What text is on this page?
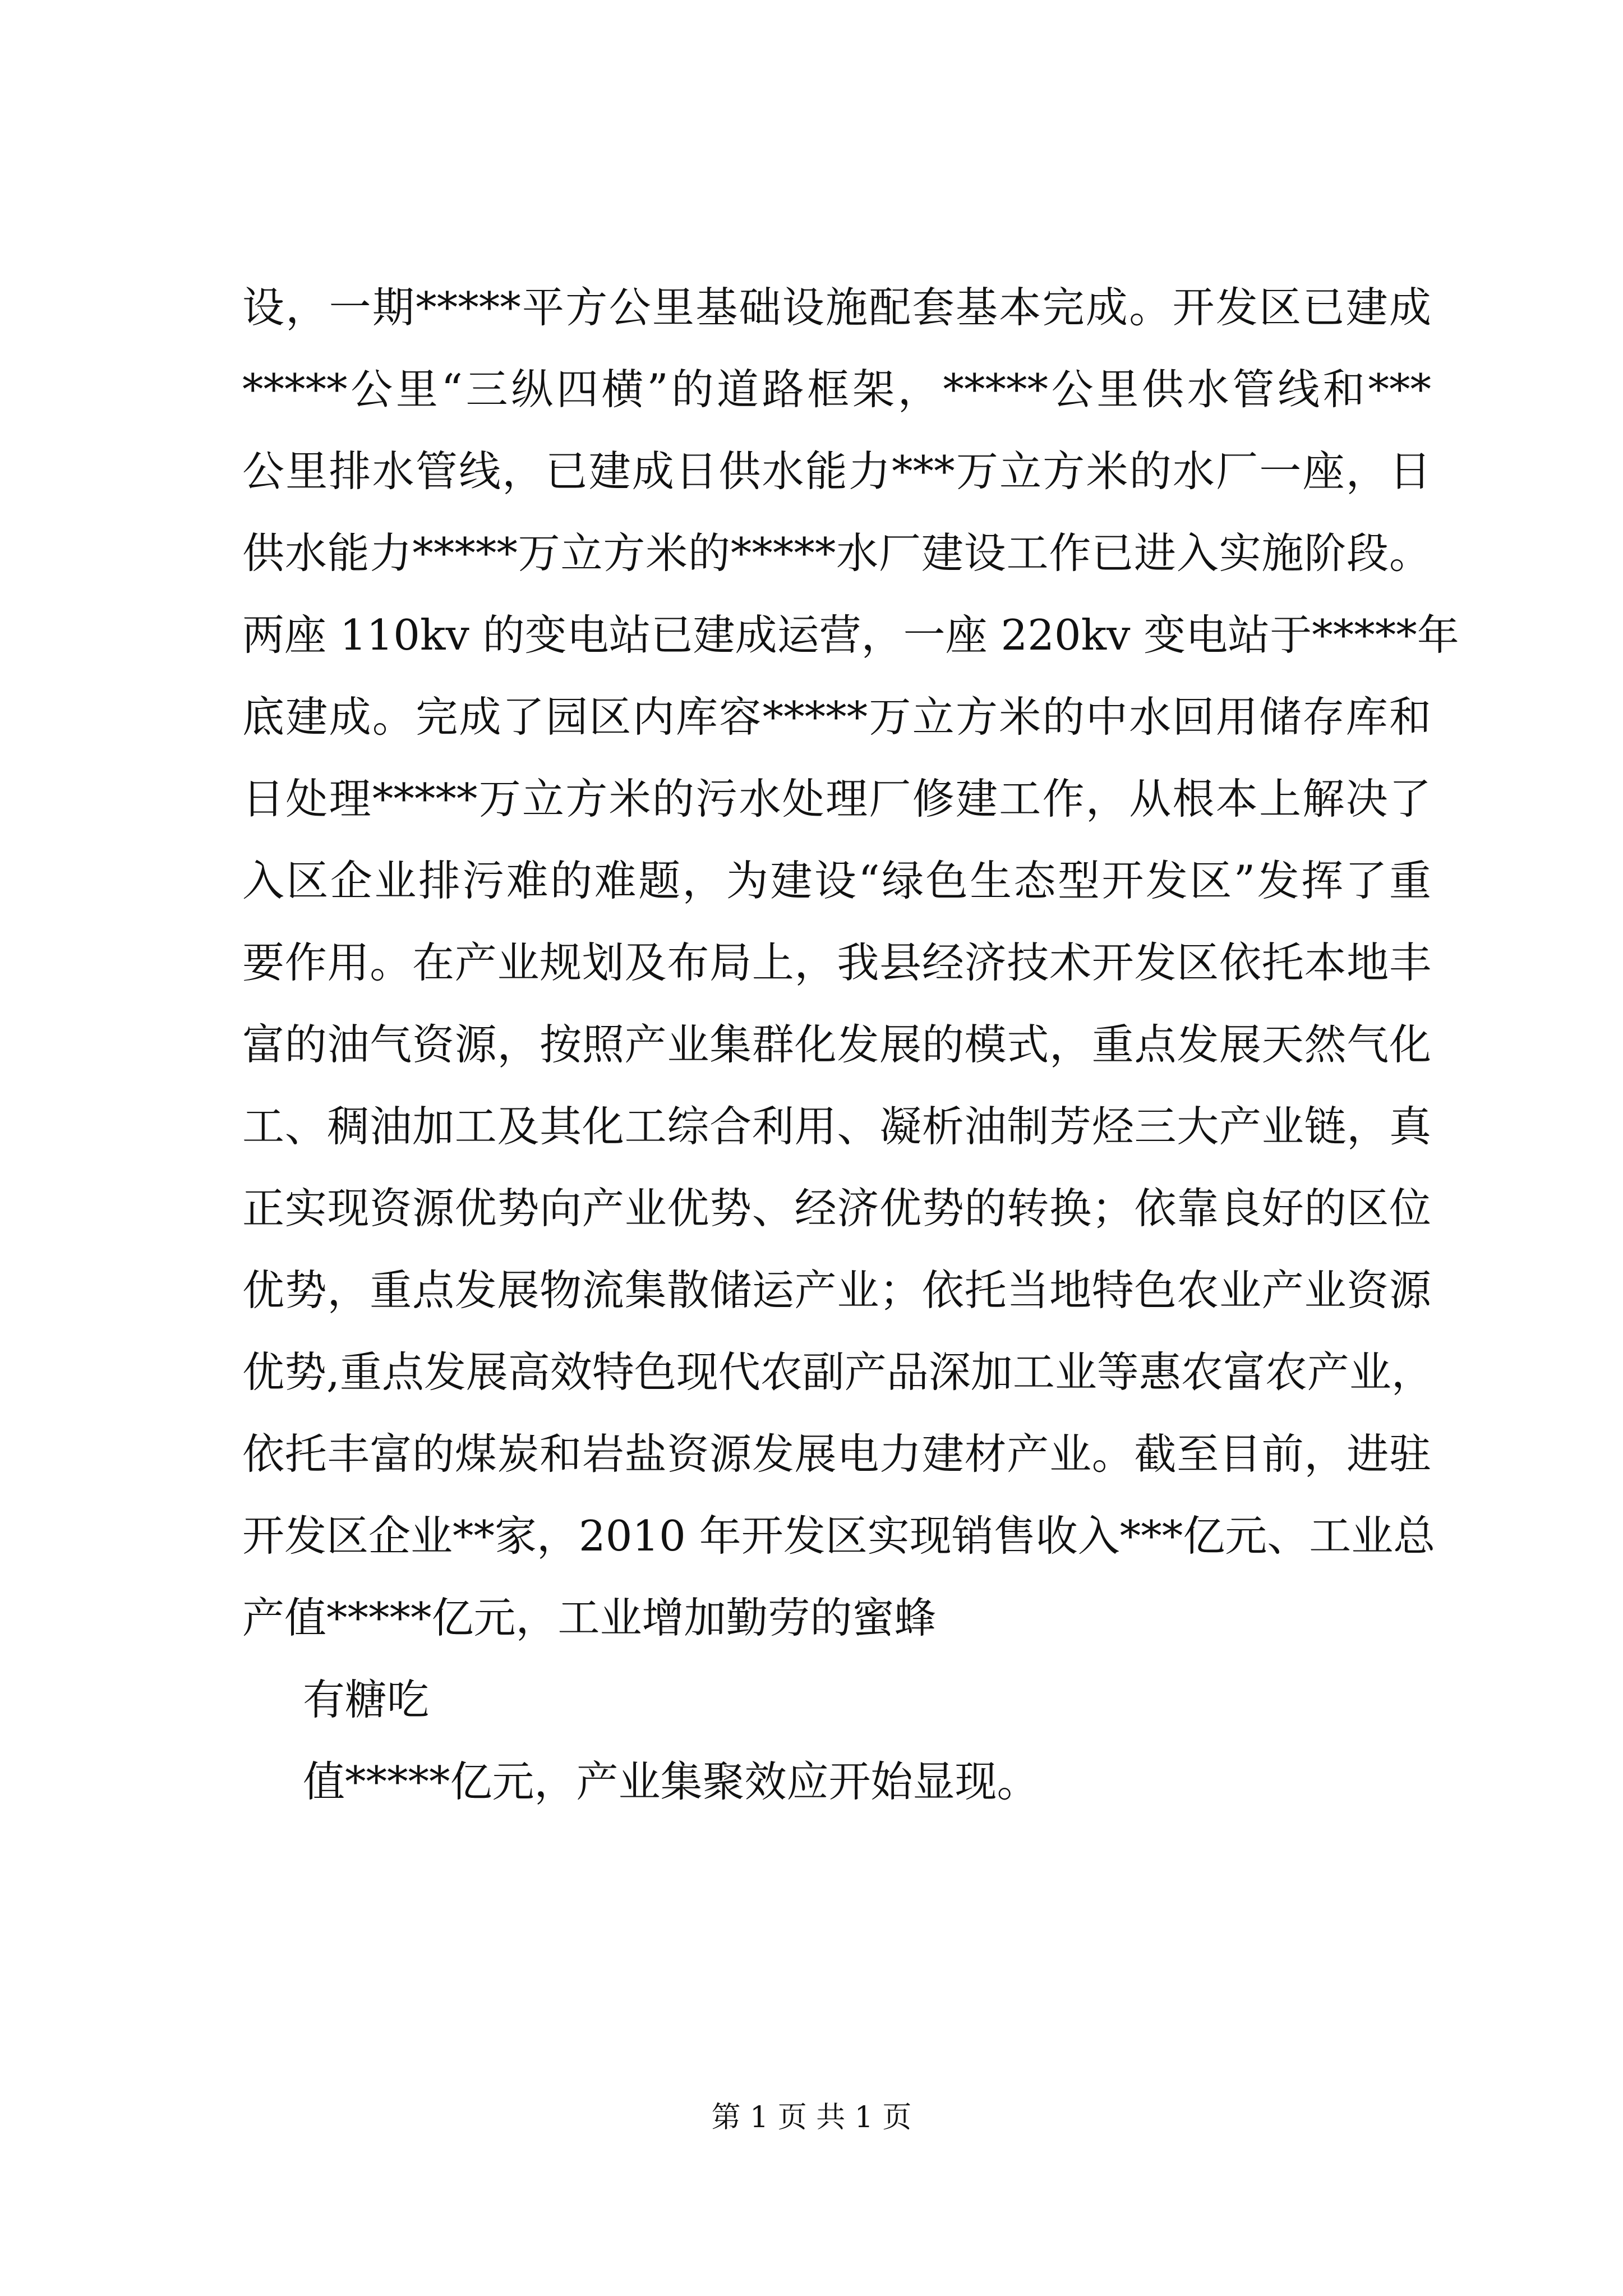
设，一期*****平方公里基础设施配套基本完成。开发区已建成
*****公里“三纵四横”的道路框架，*****公里供水管线和***
公里排水管线，已建成日供水能力***万立方米的水厂一座，日
供水能力*****万立方米的*****水厂建设工作已进入实施阶段。
两座 110kv 的变电站已建成运营，一座 220kv 变电站于*****年
底建成。完成了园区内库容*****万立方米的中水回用储存库和
日处理*****万立方米的污水处理厂修建工作，从根本上解决了
入区企业排污难的难题，为建设“绿色生态型开发区”发挥了重
要作用。在产业规划及布局上，我县经济技术开发区依托本地丰
富的油气资源，按照产业集群化发展的模式，重点发展天然气化
工、稠油加工及其化工综合利用、凝析油制芳烃三大产业链，真
正实现资源优势向产业优势、经济优势的转换；依靠良好的区位
优势，重点发展物流集散储运产业；依托当地特色农业产业资源
优势,重点发展高效特色现代农副产品深加工业等惠农富农产业，
依托丰富的煤炭和岩盐资源发展电力建材产业。截至目前，进驻
开发区企业**家，2010 年开发区实现销售收入***亿元、工业总
产值*****亿元，工业增加勤劳的蜜蜂
有糖吃
值*****亿元，产业集聚效应开始显现。
第 1 页 共 1 页
